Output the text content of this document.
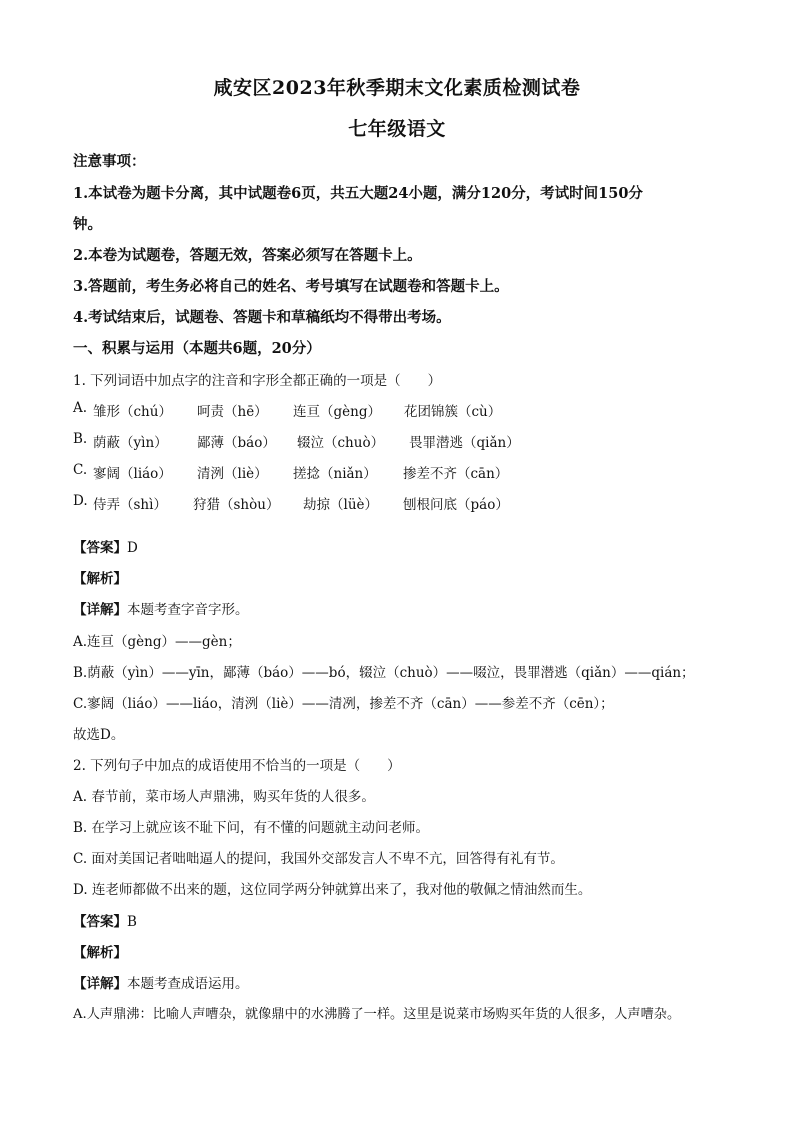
咸安区2023年秋季期末文化素质检测试卷
七年级语文
注意事项：
1.本试卷为题卡分离，其中试题卷6页，共五大题24小题，满分120分，考试时间150分
钟。
2.本卷为试题卷，答题无效，答案必须写在答题卡上。
3.答题前，考生务必将自己的姓名、考号填写在试题卷和答题卡上。
4.考试结束后，试题卷、答题卡和草稿纸均不得带出考场。
一、积累与运用（本题共6题，20分）
1. 下列词语中加点字的注音和字形全都正确的一项是（　　）
A. 雏形（chú） 呵责（hē） 连亘（gèng） 花团锦簇（cù）
B. 荫蔽（yìn） 鄙薄（báo） 辍泣（chuò） 畏罪潜逃（qiǎn）
C. 寥阔（liáo） 清洌（liè） 搓捻（niǎn） 掺差不齐（cān）
D. 侍弄（shì） 狩猎（shòu） 劫掠（lüè） 刨根问底（páo）
【答案】D
【解析】
【详解】本题考查字音字形。
A.连亘（gèng）——gèn；
B.荫蔽（yìn）——yīn，鄙薄（báo）——bó，辍泣（chuò）——啜泣，畏罪潜逃（qiǎn）——qián；
C.寥阔（liáo）——liáo，清洌（liè）——清冽，掺差不齐（cān）——参差不齐（cēn）；
故选D。
2. 下列句子中加点的成语使用不恰当的一项是（　　）
A. 春节前，菜市场人声鼎沸，购买年货的人很多。
B. 在学习上就应该不耻下问，有不懂的问题就主动问老师。
C. 面对美国记者咄咄逼人的提问，我国外交部发言人不卑不亢，回答得有礼有节。
D. 连老师都做不出来的题，这位同学两分钟就算出来了，我对他的敬佩之情油然而生。
【答案】B
【解析】
【详解】本题考查成语运用。
A.人声鼎沸：比喻人声嘈杂，就像鼎中的水沸腾了一样。这里是说菜市场购买年货的人很多，人声嘈杂。
